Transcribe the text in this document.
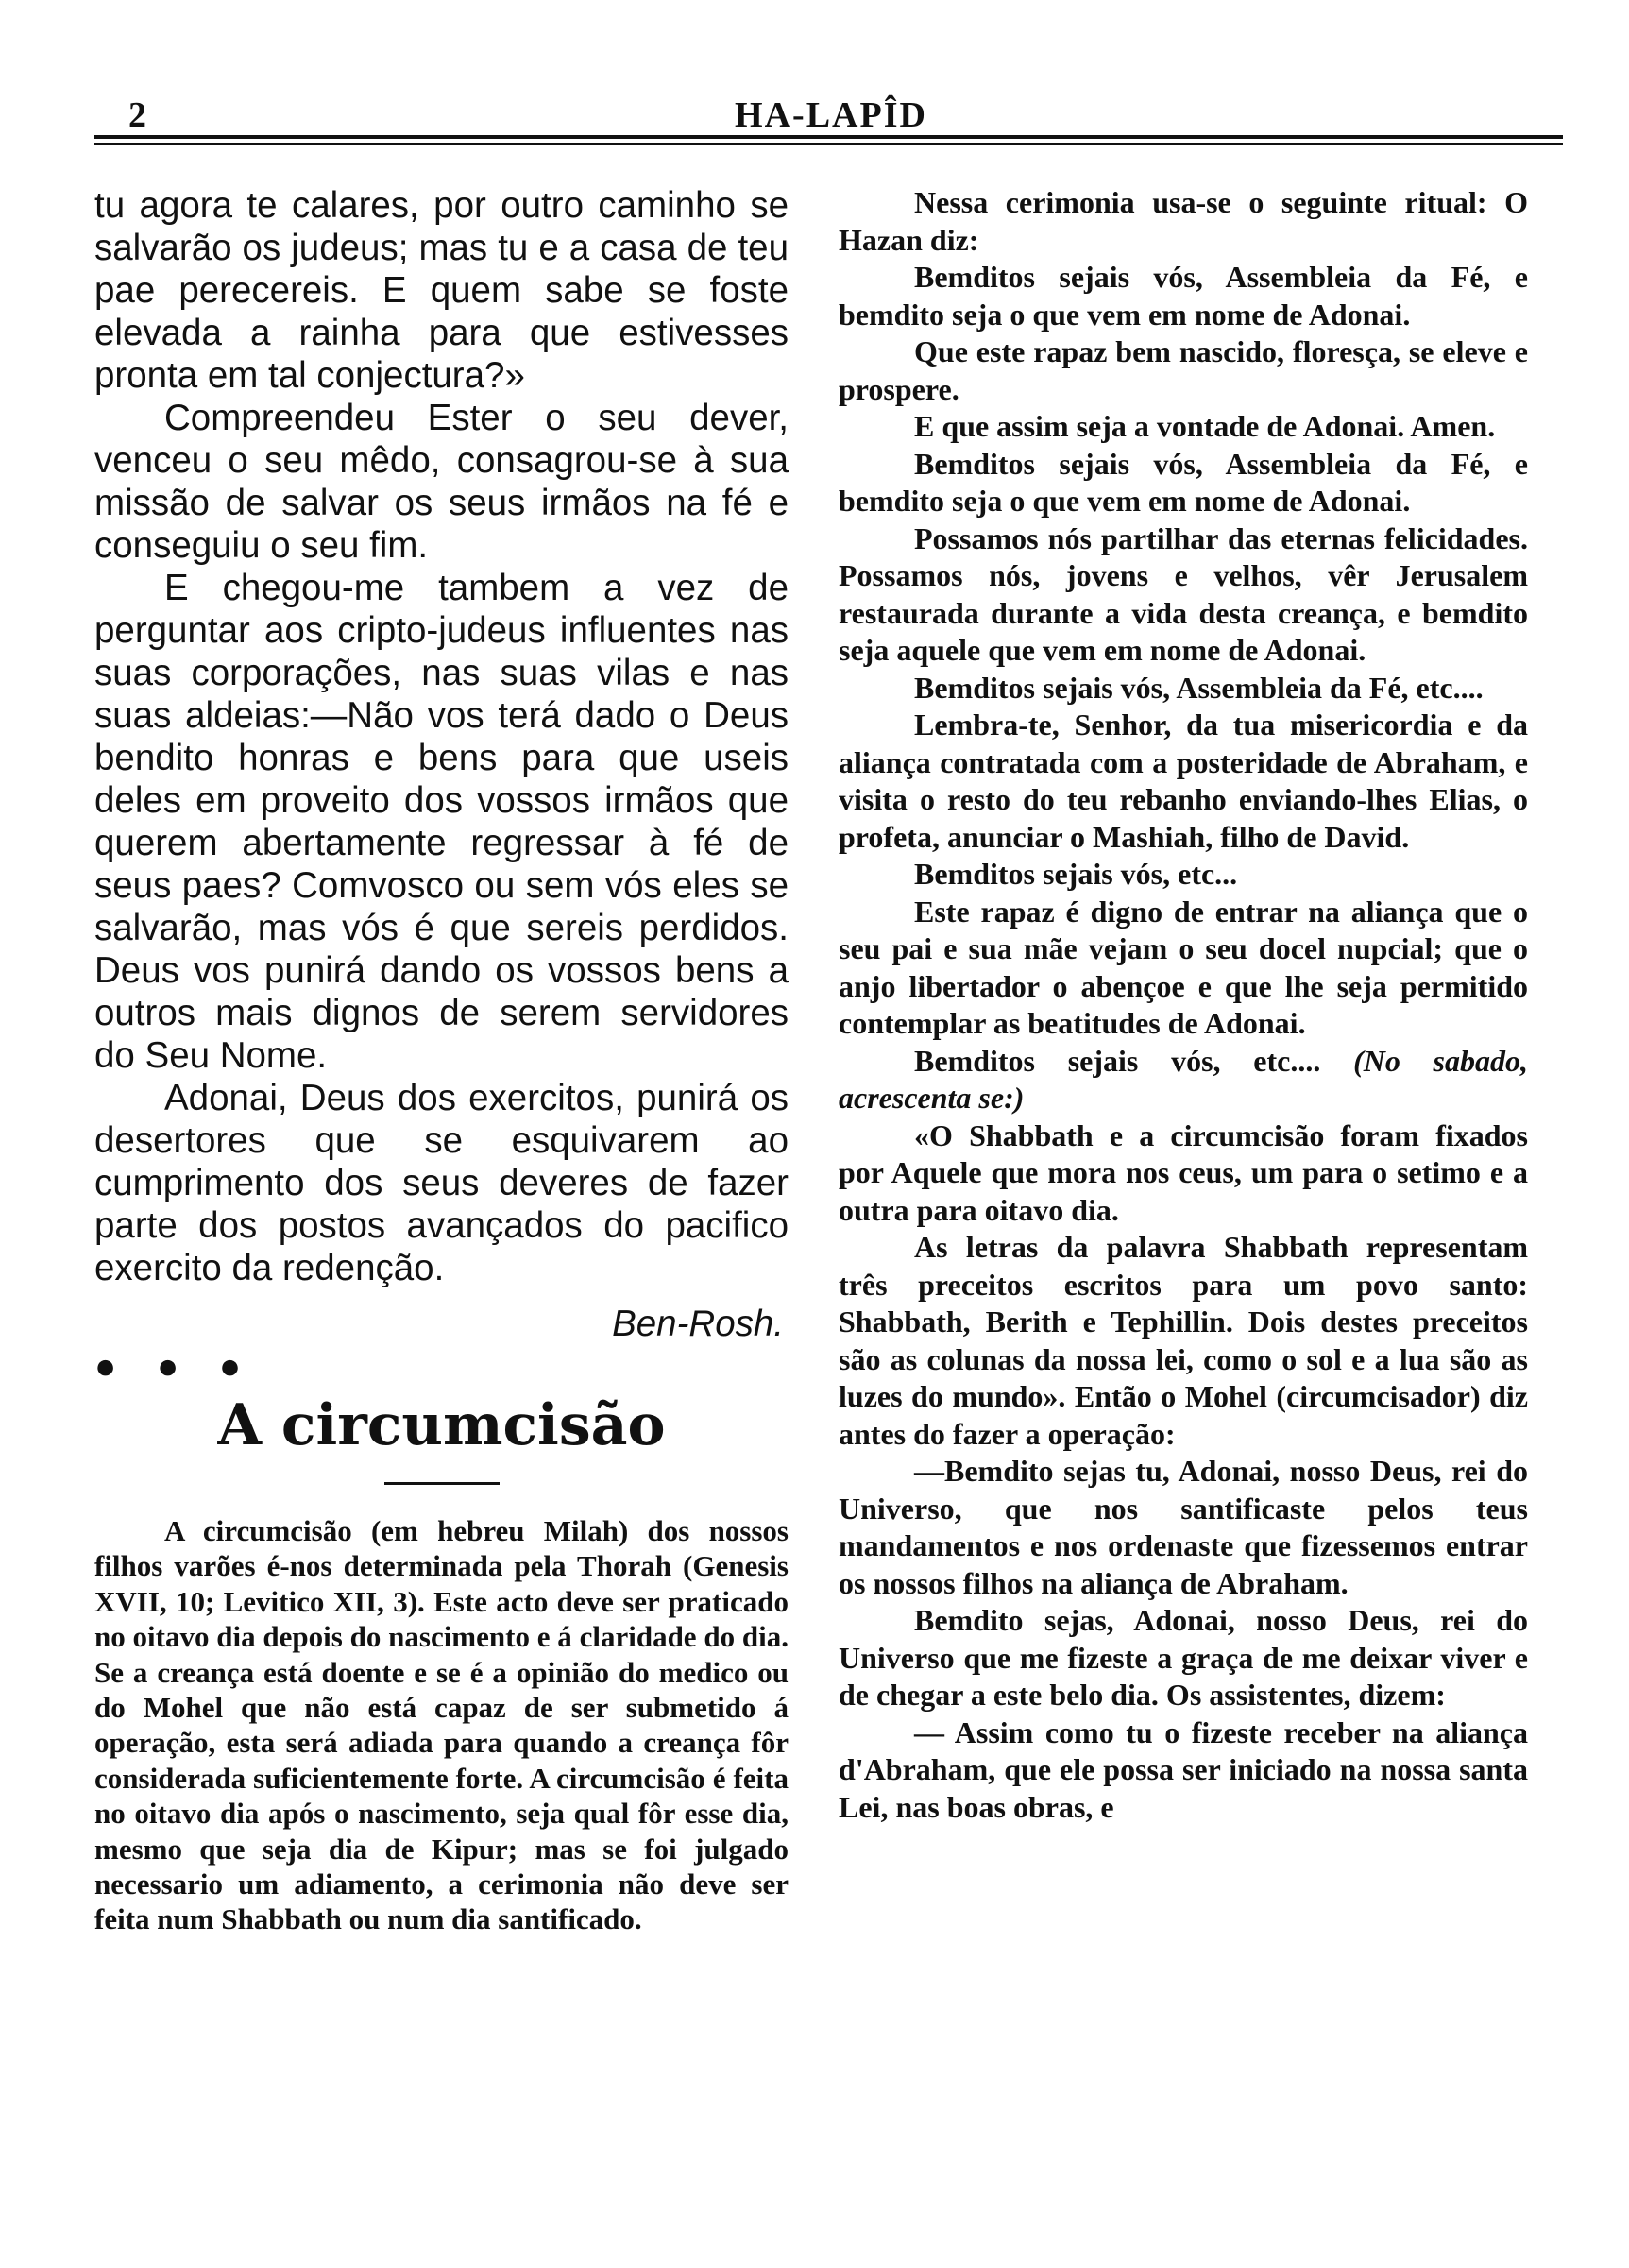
2	HA-LAPÎD

tu agora te calares, por outro caminho se salvarão os judeus; mas tu e a casa de teu pae perecereis. E quem sabe se foste elevada a rainha para que estivesses pronta em tal conjectura?»

Compreendeu Ester o seu dever, venceu o seu mêdo, consagrou-se à sua missão de salvar os seus irmãos na fé e conseguiu o seu fim.

E chegou-me tambem a vez de perguntar aos cripto-judeus influentes nas suas corporações, nas suas vilas e nas suas aldeias:—Não vos terá dado o Deus bendito honras e bens para que useis deles em proveito dos vossos irmãos que querem abertamente regressar à fé de seus paes? Comvosco ou sem vós eles se salvarão, mas vós é que sereis perdidos. Deus vos punirá dando os vossos bens a outros mais dignos de serem servidores do Seu Nome.

Adonai, Deus dos exercitos, punirá os desertores que se esquivarem ao cumprimento dos seus deveres de fazer parte dos postos avançados do pacifico exercito da redenção.

Ben-Rosh.

● ● ●

A circumcisão

A circumcisão (em hebreu Milah) dos nossos filhos varões é-nos determinada pela Thorah (Genesis XVII, 10; Levitico XII, 3). Este acto deve ser praticado no oitavo dia depois do nascimento e á claridade do dia. Se a creança está doente e se é a opinião do medico ou do Mohel que não está capaz de ser submetido á operação, esta será adiada para quando a creança fôr considerada suficientemente forte. A circumcisão é feita no oitavo dia após o nascimento, seja qual fôr esse dia, mesmo que seja dia de Kipur; mas se foi julgado necessario um adiamento, a cerimonia não deve ser feita num Shabbath ou num dia santificado.

Nessa cerimonia usa-se o seguinte ritual: O Hazan diz:

Bemditos sejais vós, Assembleia da Fé, e bemdito seja o que vem em nome de Adonai.

Que este rapaz bem nascido, floresça, se eleve e prospere.

E que assim seja a vontade de Adonai. Amen.

Bemditos sejais vós, Assembleia da Fé, e bemdito seja o que vem em nome de Adonai.

Possamos nós partilhar das eternas felicidades. Possamos nós, jovens e velhos, vêr Jerusalem restaurada durante a vida desta creança, e bemdito seja aquele que vem em nome de Adonai.

Bemditos sejais vós, Assembleia da Fé, etc....

Lembra-te, Senhor, da tua misericordia e da aliança contratada com a posteridade de Abraham, e visita o resto do teu rebanho enviando-lhes Elias, o profeta, anunciar o Mashiah, filho de David.

Bemditos sejais vós, etc...

Este rapaz é digno de entrar na aliança que o seu pai e sua mãe vejam o seu docel nupcial; que o anjo libertador o abençoe e que lhe seja permitido contemplar as beatitudes de Adonai.

Bemditos sejais vós, etc.... (No sabado, acrescenta se:)

«O Shabbath e a circumcisão foram fixados por Aquele que mora nos ceus, um para o setimo e a outra para oitavo dia.

As letras da palavra Shabbath representam três preceitos escritos para um povo santo: Shabbath, Berith e Tephillin. Dois destes preceitos são as colunas da nossa lei, como o sol e a lua são as luzes do mundo». Então o Mohel (circumcisador) diz antes do fazer a operação:

—Bemdito sejas tu, Adonai, nosso Deus, rei do Universo, que nos santificaste pelos teus mandamentos e nos ordenaste que fizessemos entrar os nossos filhos na aliança de Abraham.

Bemdito sejas, Adonai, nosso Deus, rei do Universo que me fizeste a graça de me deixar viver e de chegar a este belo dia. Os assistentes, dizem:

— Assim como tu o fizeste receber na aliança d'Abraham, que ele possa ser iniciado na nossa santa Lei, nas boas obras, e
